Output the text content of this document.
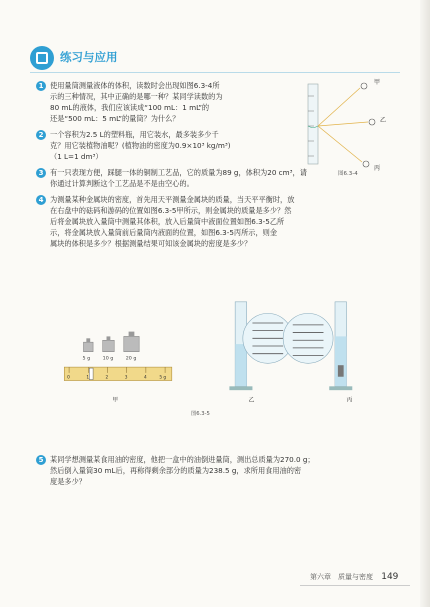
练习与应用
1 使用量筒测量液体的体积，读数时会出现如图6.3-4所

示的三种情况，其中正确的是哪一种？某同学读数的为

80 mL的液体，我们应该读成“100 mL：1 mL”的

还是“500 mL：5 mL”的量筒？为什么？

甲
乙
丙
图6.3-4
2 一个容积为2.5 L的塑料瓶，用它装水，最多装多少千

克？用它装植物油呢？(植物油的密度为0.9×10³ kg/m³)

（1 L=1 dm³）

3 有一只表现方便，踩腿一体的铜制工艺品，它的质量为89 g，体积为20 cm³，请

你通过计算判断这个工艺品是不是由空心的。

4 为测量某种金属块的密度，首先用天平测量金属块的质量，当天平平衡时，放

在右盘中的砝码和游码的位置如图6.3-5甲所示，则金属块的质量是多少？然

后将金属块放入量筒中测量其体积，放入后量筒中液面位置如图6.3-5乙所

示，将金属块放入量筒前后量筒内液面的位置，如图6.3-5丙所示，则金

属块的体积是多少？根据测量结果可知该金属块的密度是多少？

5 g	10 g 20 g
0	1	2	3	4	5 g
甲	乙	丙
图6.3-5
5 某同学想测量某食用油的密度，他把一盒中的油倒进量筒，测出总质量为270.0 g；

然后倒入量筒30 mL后，再称得剩余部分的质量为238.5 g，求所用食用油的密

度是多少？

第六章　质量与密度 149
